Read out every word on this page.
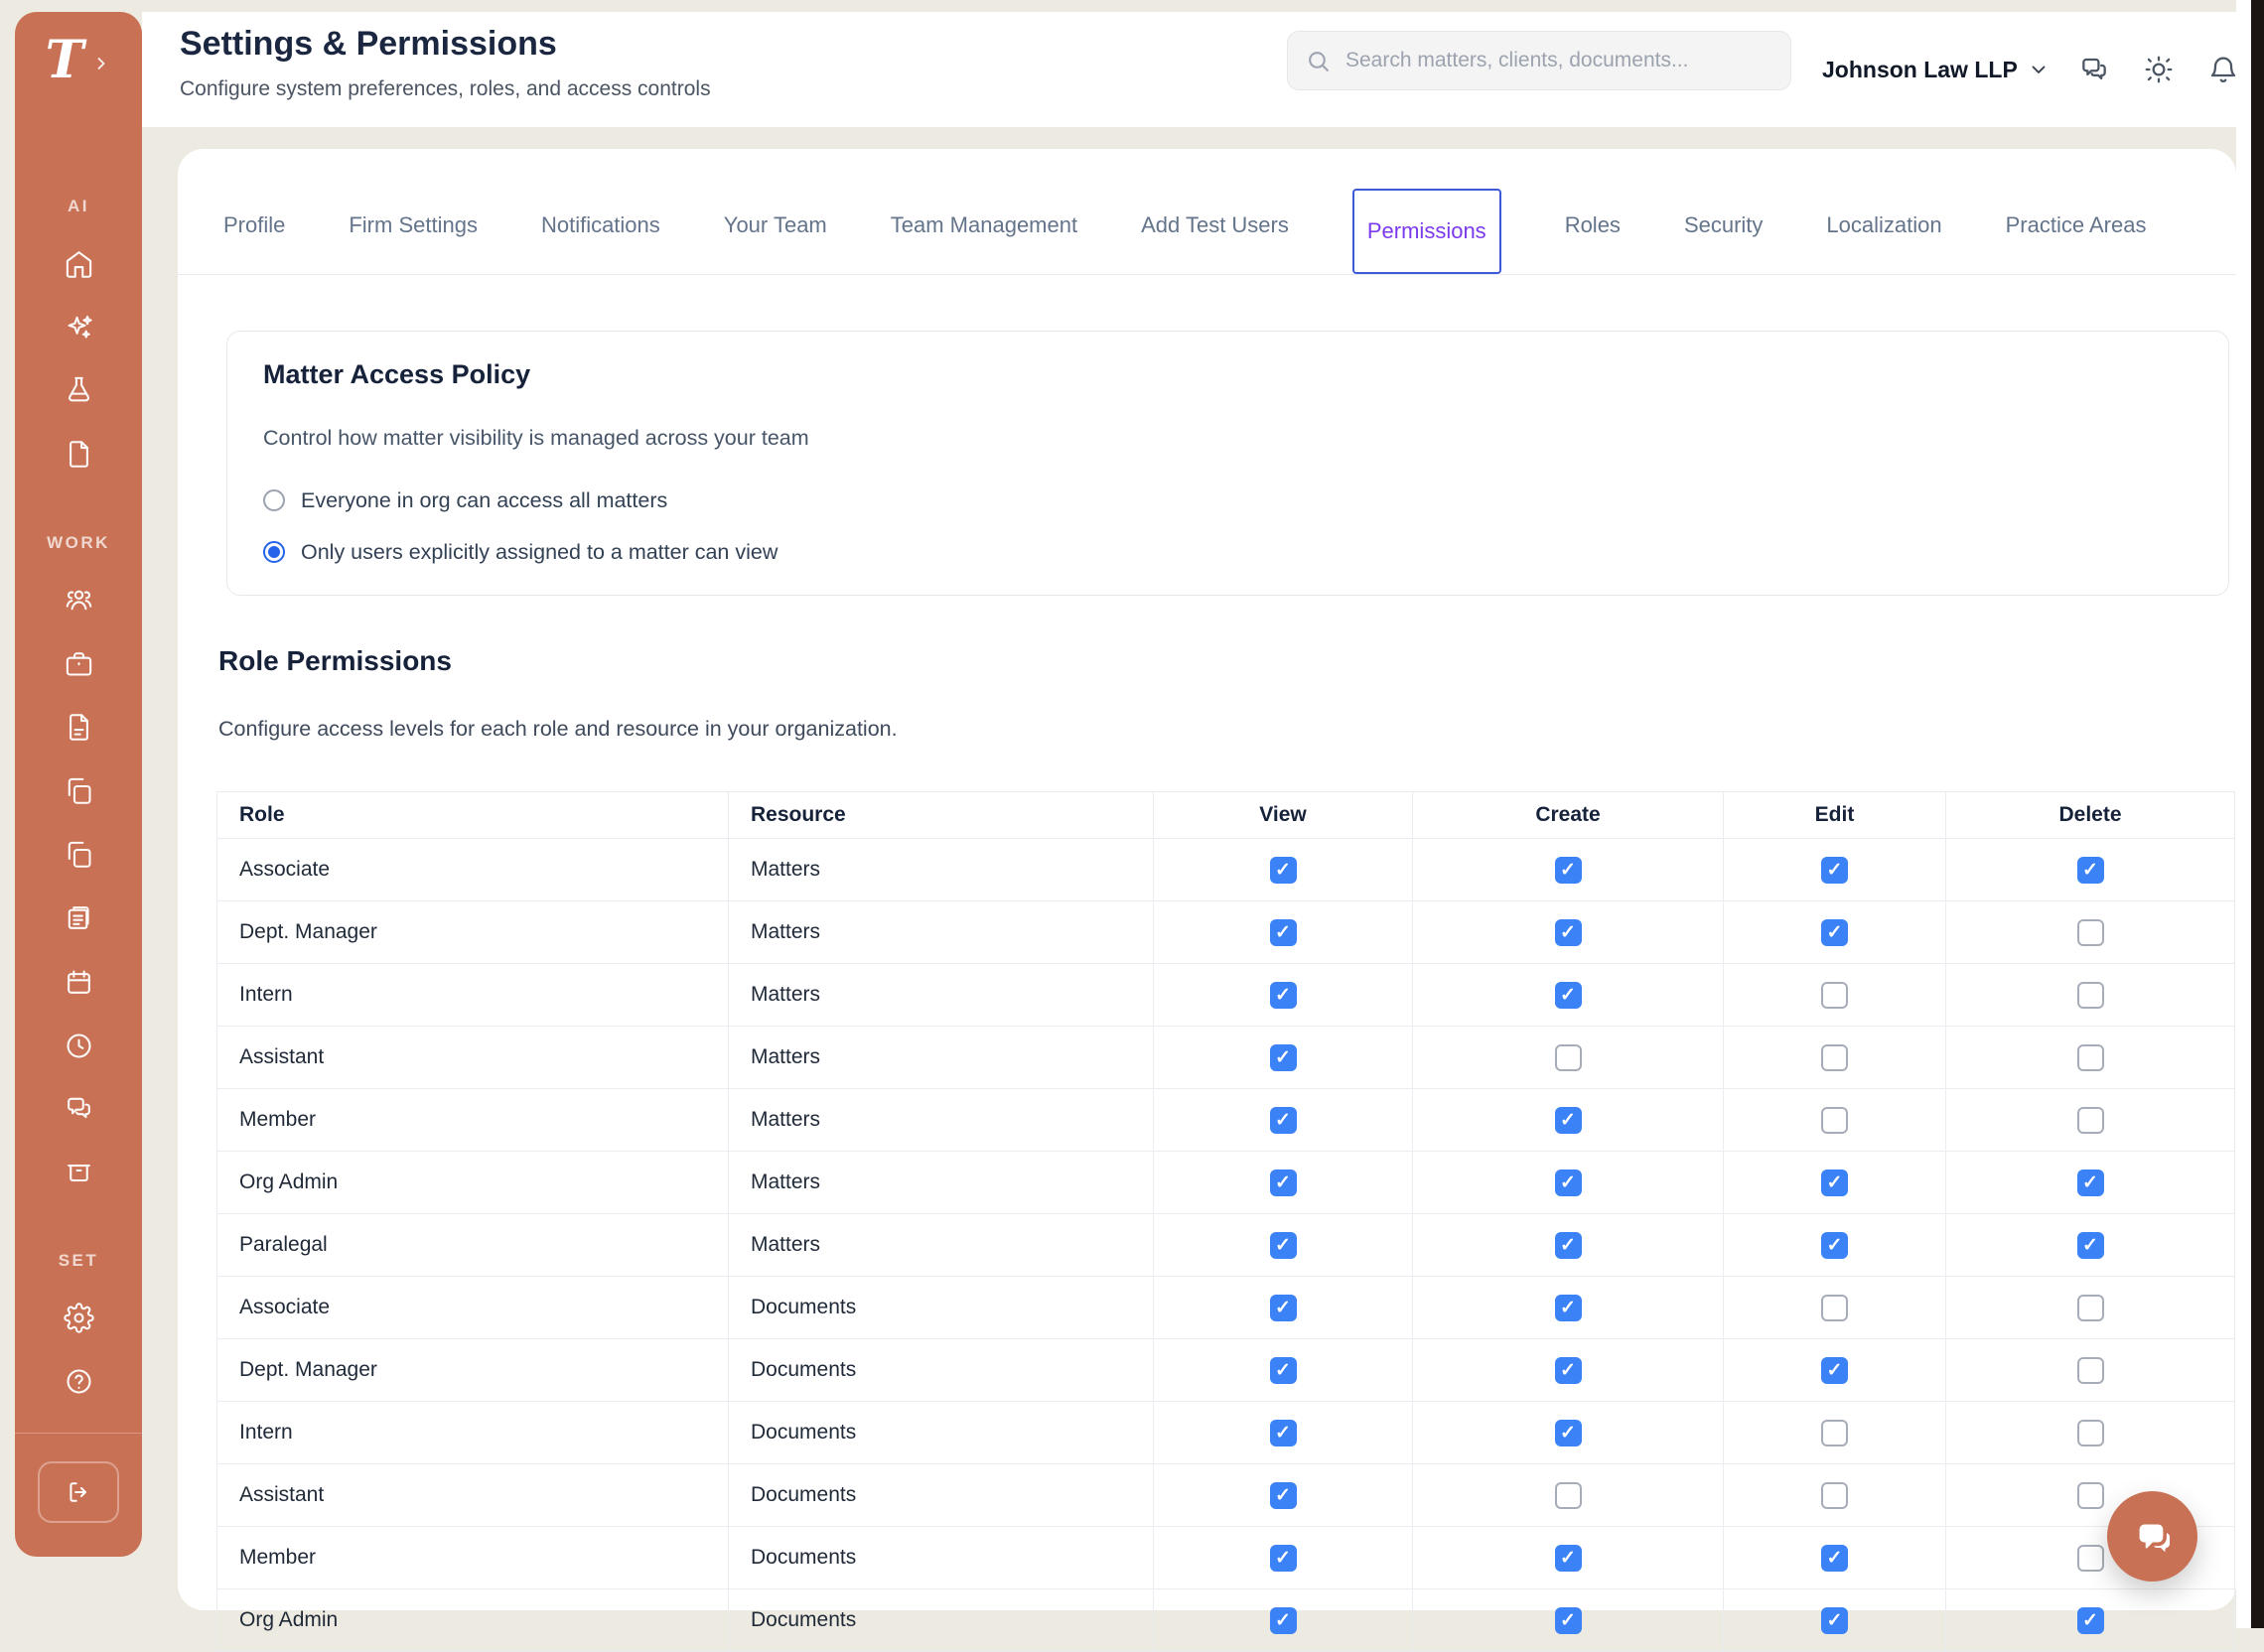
T
AI
WORK
SET
Settings & Permissions
Configure system preferences, roles, and access controls
Search matters, clients, documents...
Johnson Law LLP
Profile	Firm Settings	Notifications	Your Team	Team Management	Add Test Users	Permissions	Roles	Security	Localization	Practice Areas
Matter Access Policy
Control how matter visibility is managed across your team
Everyone in org can access all matters
Only users explicitly assigned to a matter can view
Role Permissions
Configure access levels for each role and resource in your organization.
Role	Resource	View	Create	Edit	Delete
Associate	Matters	✓	✓	✓	✓

Dept. Manager	Matters	✓	✓	✓	

Intern	Matters	✓	✓		

Assistant	Matters	✓			

Member	Matters	✓	✓		

Org Admin	Matters	✓	✓	✓	✓

Paralegal	Matters	✓	✓	✓	✓

Associate	Documents	✓	✓		

Dept. Manager	Documents	✓	✓	✓	

Intern	Documents	✓	✓		

Assistant	Documents	✓			

Member	Documents	✓	✓	✓	

Org Admin	Documents	✓	✓	✓	✓
